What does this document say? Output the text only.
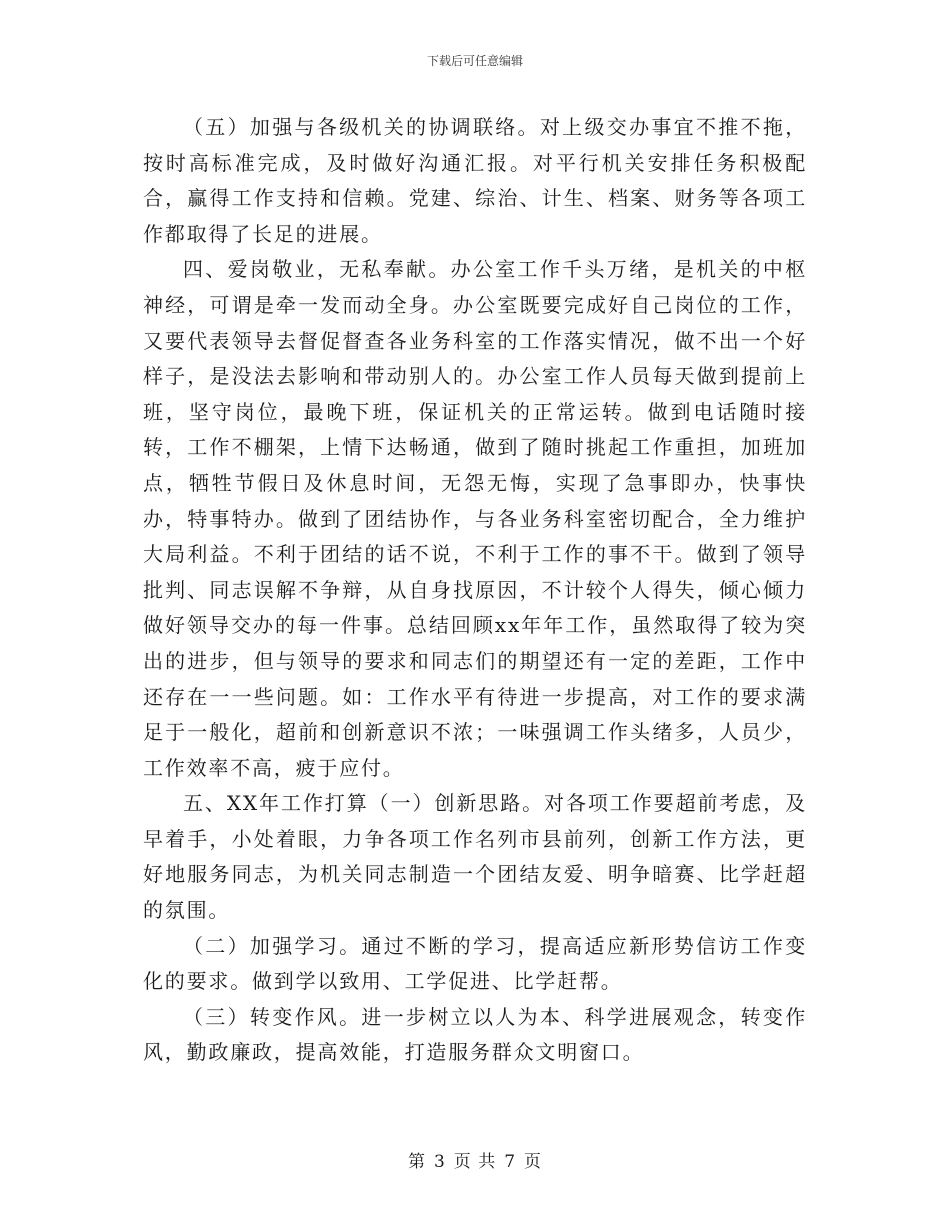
下载后可任意编辑

（五）加强与各级机关的协调联络。对上级交办事宜不推不拖，按时高标准完成，及时做好沟通汇报。对平行机关安排任务积极配合，赢得工作支持和信赖。党建、综治、计生、档案、财务等各项工作都取得了长足的进展。

四、爱岗敬业，无私奉献。办公室工作千头万绪，是机关的中枢神经，可谓是牵一发而动全身。办公室既要完成好自己岗位的工作，又要代表领导去督促督查各业务科室的工作落实情况，做不出一个好样子，是没法去影响和带动别人的。办公室工作人员每天做到提前上班，坚守岗位，最晚下班，保证机关的正常运转。做到电话随时接转，工作不棚架，上情下达畅通，做到了随时挑起工作重担，加班加点，牺牲节假日及休息时间，无怨无悔，实现了急事即办，快事快办，特事特办。做到了团结协作，与各业务科室密切配合，全力维护大局利益。不利于团结的话不说，不利于工作的事不干。做到了领导批判、同志误解不争辩，从自身找原因，不计较个人得失，倾心倾力做好领导交办的每一件事。总结回顾xx年年工作，虽然取得了较为突出的进步，但与领导的要求和同志们的期望还有一定的差距，工作中还存在一一些问题。如：工作水平有待进一步提高，对工作的要求满足于一般化，超前和创新意识不浓；一味强调工作头绪多，人员少，工作效率不高，疲于应付。

五、XX年工作打算（一）创新思路。对各项工作要超前考虑，及早着手，小处着眼，力争各项工作名列市县前列，创新工作方法，更好地服务同志，为机关同志制造一个团结友爱、明争暗赛、比学赶超的氛围。

（二）加强学习。通过不断的学习，提高适应新形势信访工作变化的要求。做到学以致用、工学促进、比学赶帮。

（三）转变作风。进一步树立以人为本、科学进展观念，转变作风，勤政廉政，提高效能，打造服务群众文明窗口。

第 3 页 共 7 页
